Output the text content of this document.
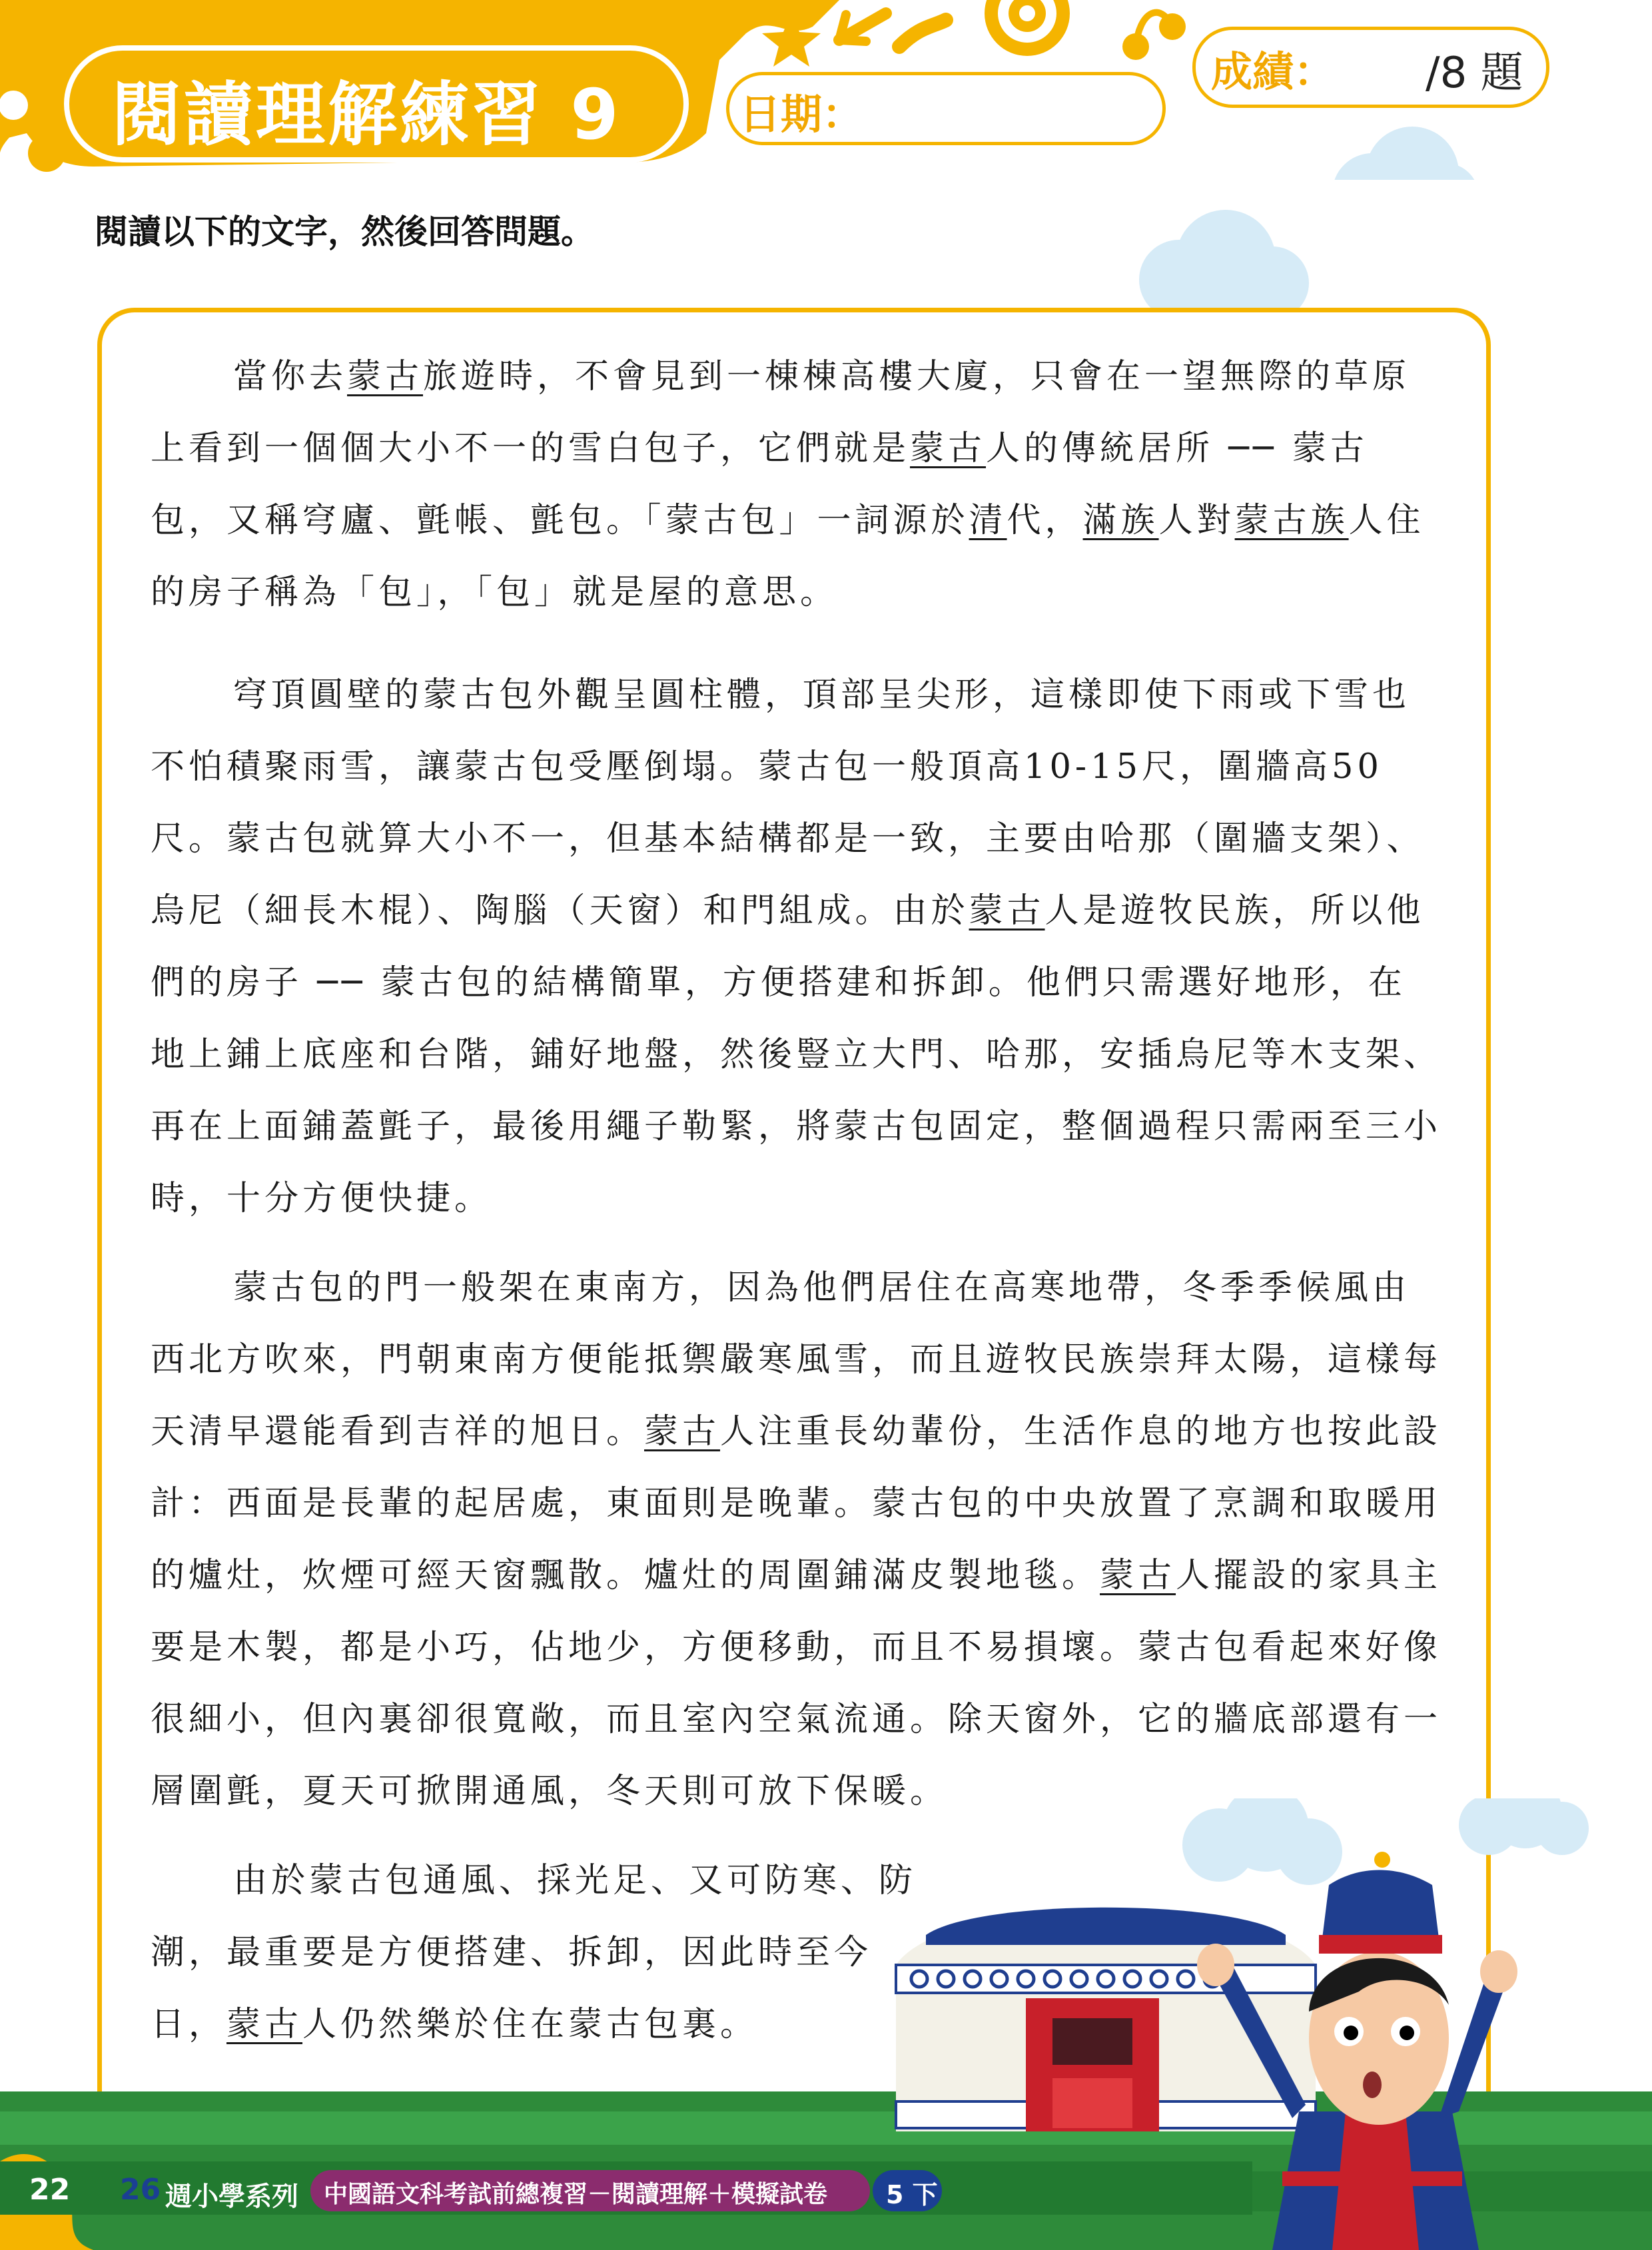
閱讀理解練習 9	日期：
成績： /8 題
閱讀以下的文字，然後回答問題。

當你去蒙古旅遊時，不會見到一棟棟高樓大廈，只會在一望無際的草原上看到一個個大小不一的雪白包子，它們就是蒙古人的傳統居所 ── 蒙古包，又稱穹廬、氈帳、氈包。「蒙古包」一詞源於清代，滿族人對蒙古族人住的房子稱為「包」，「包」就是屋的意思。

穹頂圓壁的蒙古包外觀呈圓柱體，頂部呈尖形，這樣即使下雨或下雪也不怕積聚雨雪，讓蒙古包受壓倒塌。蒙古包一般頂高10-15尺，圍牆高50尺。蒙古包就算大小不一，但基本結構都是一致，主要由哈那（圍牆支架）、烏尼（細長木棍）、陶腦（天窗）和門組成。由於蒙古人是遊牧民族，所以他們的房子 ── 蒙古包的結構簡單，方便搭建和拆卸。他們只需選好地形，在地上鋪上底座和台階，鋪好地盤，然後豎立大門、哈那，安插烏尼等木支架、再在上面鋪蓋氈子，最後用繩子勒緊，將蒙古包固定，整個過程只需兩至三小時，十分方便快捷。

蒙古包的門一般架在東南方，因為他們居住在高寒地帶，冬季季候風由西北方吹來，門朝東南方便能抵禦嚴寒風雪，而且遊牧民族崇拜太陽，這樣每天清早還能看到吉祥的旭日。蒙古人注重長幼輩份，生活作息的地方也按此設計：西面是長輩的起居處，東面則是晚輩。蒙古包的中央放置了烹調和取暖用的爐灶，炊煙可經天窗飄散。爐灶的周圍鋪滿皮製地毯。蒙古人擺設的家具主要是木製，都是小巧，佔地少，方便移動，而且不易損壞。蒙古包看起來好像很細小，但內裏卻很寬敞，而且室內空氣流通。除天窗外，它的牆底部還有一層圍氈，夏天可掀開通風，冬天則可放下保暖。

由於蒙古包通風、採光足、又可防寒、防潮，最重要是方便搭建、拆卸，因此時至今日，蒙古人仍然樂於住在蒙古包裏。

22 26 週小學系列 中國語文科考試前總複習－閱讀理解＋模擬試卷 5 下
